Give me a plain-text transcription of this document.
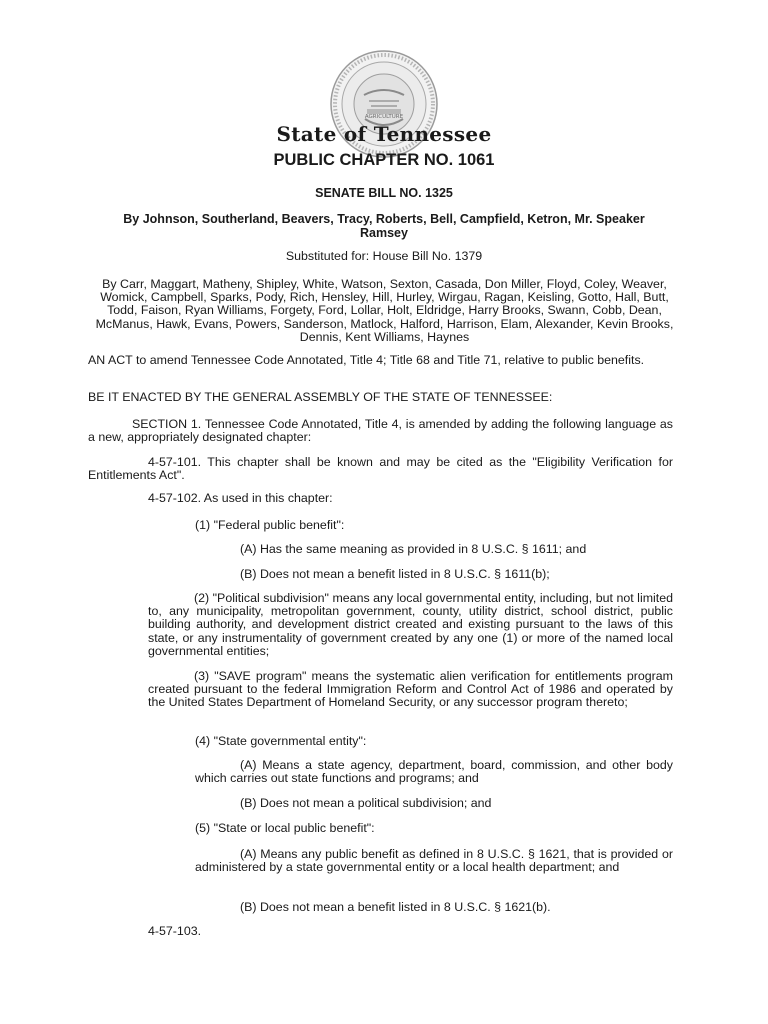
AGRICULTURE
State of Tennessee
PUBLIC CHAPTER NO. 1061
SENATE BILL NO. 1325
By Johnson, Southerland, Beavers, Tracy, Roberts, Bell, Campfield, Ketron, Mr. Speaker Ramsey
Substituted for: House Bill No. 1379
By Carr, Maggart, Matheny, Shipley, White, Watson, Sexton, Casada, Don Miller, Floyd, Coley, Weaver, Womick, Campbell, Sparks, Pody, Rich, Hensley, Hill, Hurley, Wirgau, Ragan, Keisling, Gotto, Hall, Butt, Todd, Faison, Ryan Williams, Forgety, Ford, Lollar, Holt, Eldridge, Harry Brooks, Swann, Cobb, Dean, McManus, Hawk, Evans, Powers, Sanderson, Matlock, Halford, Harrison, Elam, Alexander, Kevin Brooks, Dennis, Kent Williams, Haynes
AN ACT to amend Tennessee Code Annotated, Title 4; Title 68 and Title 71, relative to public benefits.
BE IT ENACTED BY THE GENERAL ASSEMBLY OF THE STATE OF TENNESSEE:
SECTION 1. Tennessee Code Annotated, Title 4, is amended by adding the following language as a new, appropriately designated chapter:
4-57-101. This chapter shall be known and may be cited as the "Eligibility Verification for Entitlements Act".
4-57-102. As used in this chapter:
(1) "Federal public benefit":
(A) Has the same meaning as provided in 8 U.S.C. § 1611; and
(B) Does not mean a benefit listed in 8 U.S.C. § 1611(b);
(2) "Political subdivision" means any local governmental entity, including, but not limited to, any municipality, metropolitan government, county, utility district, school district, public building authority, and development district created and existing pursuant to the laws of this state, or any instrumentality of government created by any one (1) or more of the named local governmental entities;
(3) "SAVE program" means the systematic alien verification for entitlements program created pursuant to the federal Immigration Reform and Control Act of 1986 and operated by the United States Department of Homeland Security, or any successor program thereto;
(4) "State governmental entity":
(A) Means a state agency, department, board, commission, and other body which carries out state functions and programs; and
(B) Does not mean a political subdivision; and
(5) "State or local public benefit":
(A) Means any public benefit as defined in 8 U.S.C. § 1621, that is provided or administered by a state governmental entity or a local health department; and
(B) Does not mean a benefit listed in 8 U.S.C. § 1621(b).
4-57-103.
